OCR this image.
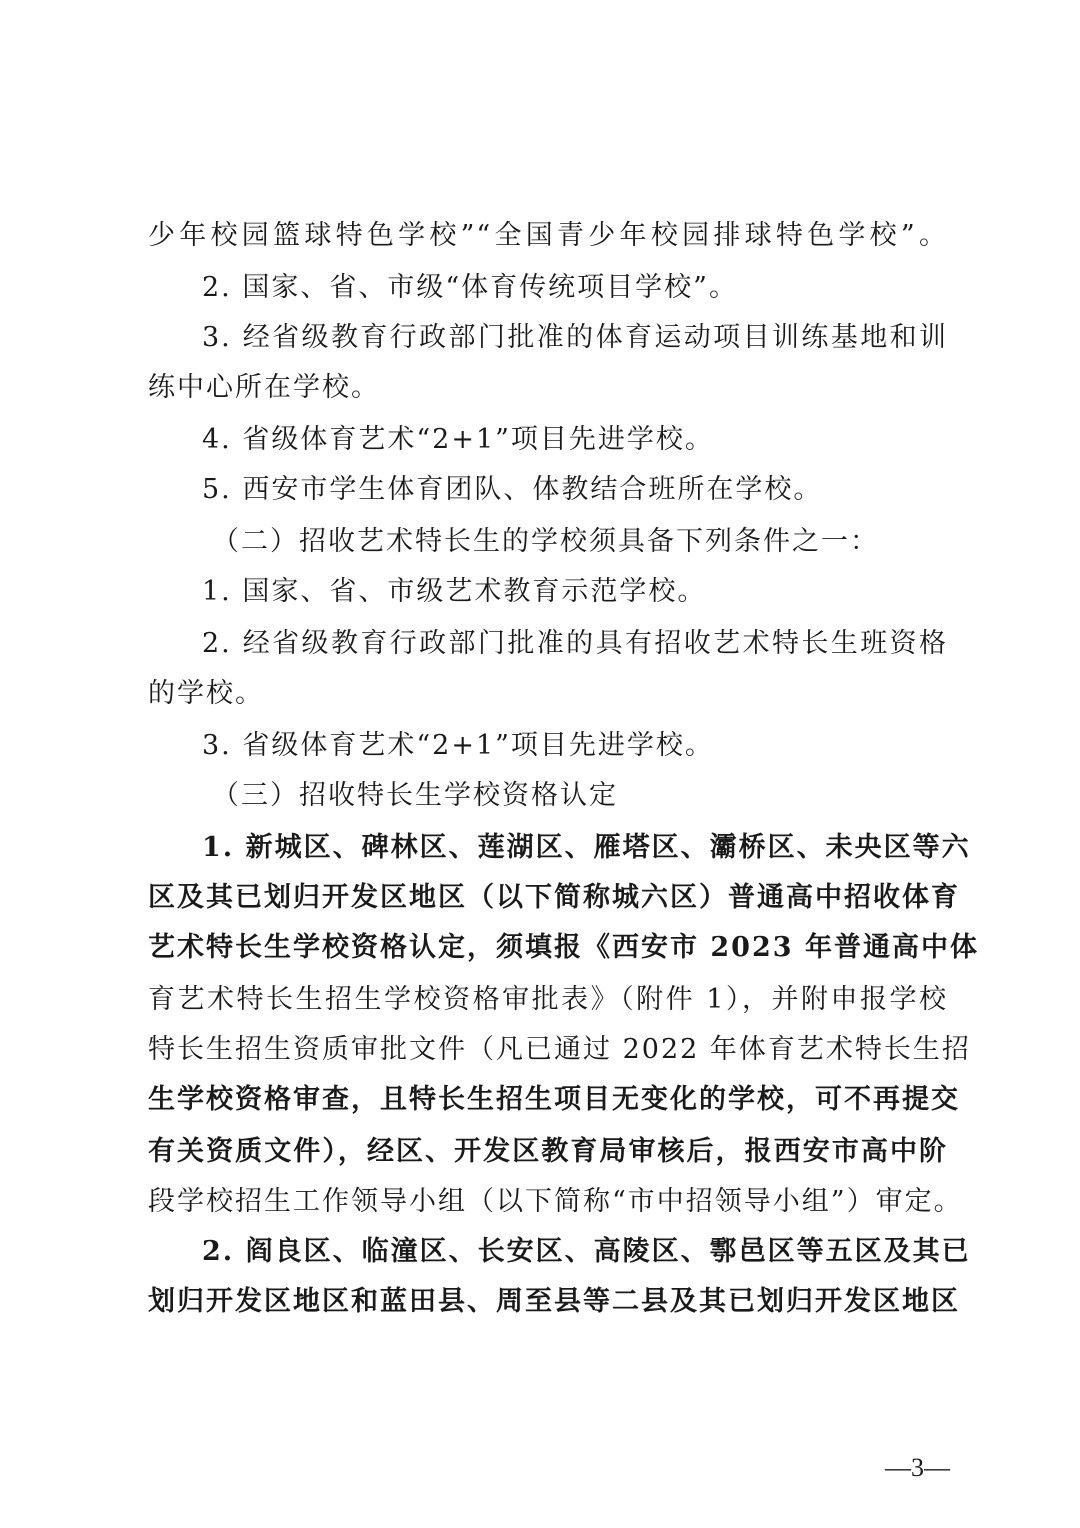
少年校园篮球特色学校”“全国青少年校园排球特色学校”。
2. 国家、省、市级“体育传统项目学校”。
3. 经省级教育行政部门批准的体育运动项目训练基地和训
练中心所在学校。
4. 省级体育艺术“2+1”项目先进学校。
5. 西安市学生体育团队、体教结合班所在学校。
（二）招收艺术特长生的学校须具备下列条件之一：
1. 国家、省、市级艺术教育示范学校。
2. 经省级教育行政部门批准的具有招收艺术特长生班资格
的学校。
3. 省级体育艺术“2+1”项目先进学校。
（三）招收特长生学校资格认定
1. 新城区、碑林区、莲湖区、雁塔区、灞桥区、未央区等六
区及其已划归开发区地区（以下简称城六区）普通高中招收体育
艺术特长生学校资格认定，须填报《西安市 2023 年普通高中体
育艺术特长生招生学校资格审批表》（附件 1），并附申报学校
特长生招生资质审批文件（凡已通过 2022 年体育艺术特长生招
生学校资格审查，且特长生招生项目无变化的学校，可不再提交
有关资质文件），经区、开发区教育局审核后，报西安市高中阶
段学校招生工作领导小组（以下简称“市中招领导小组”）审定。
2. 阎良区、临潼区、长安区、高陵区、鄠邑区等五区及其已
划归开发区地区和蓝田县、周至县等二县及其已划归开发区地区
—3—
